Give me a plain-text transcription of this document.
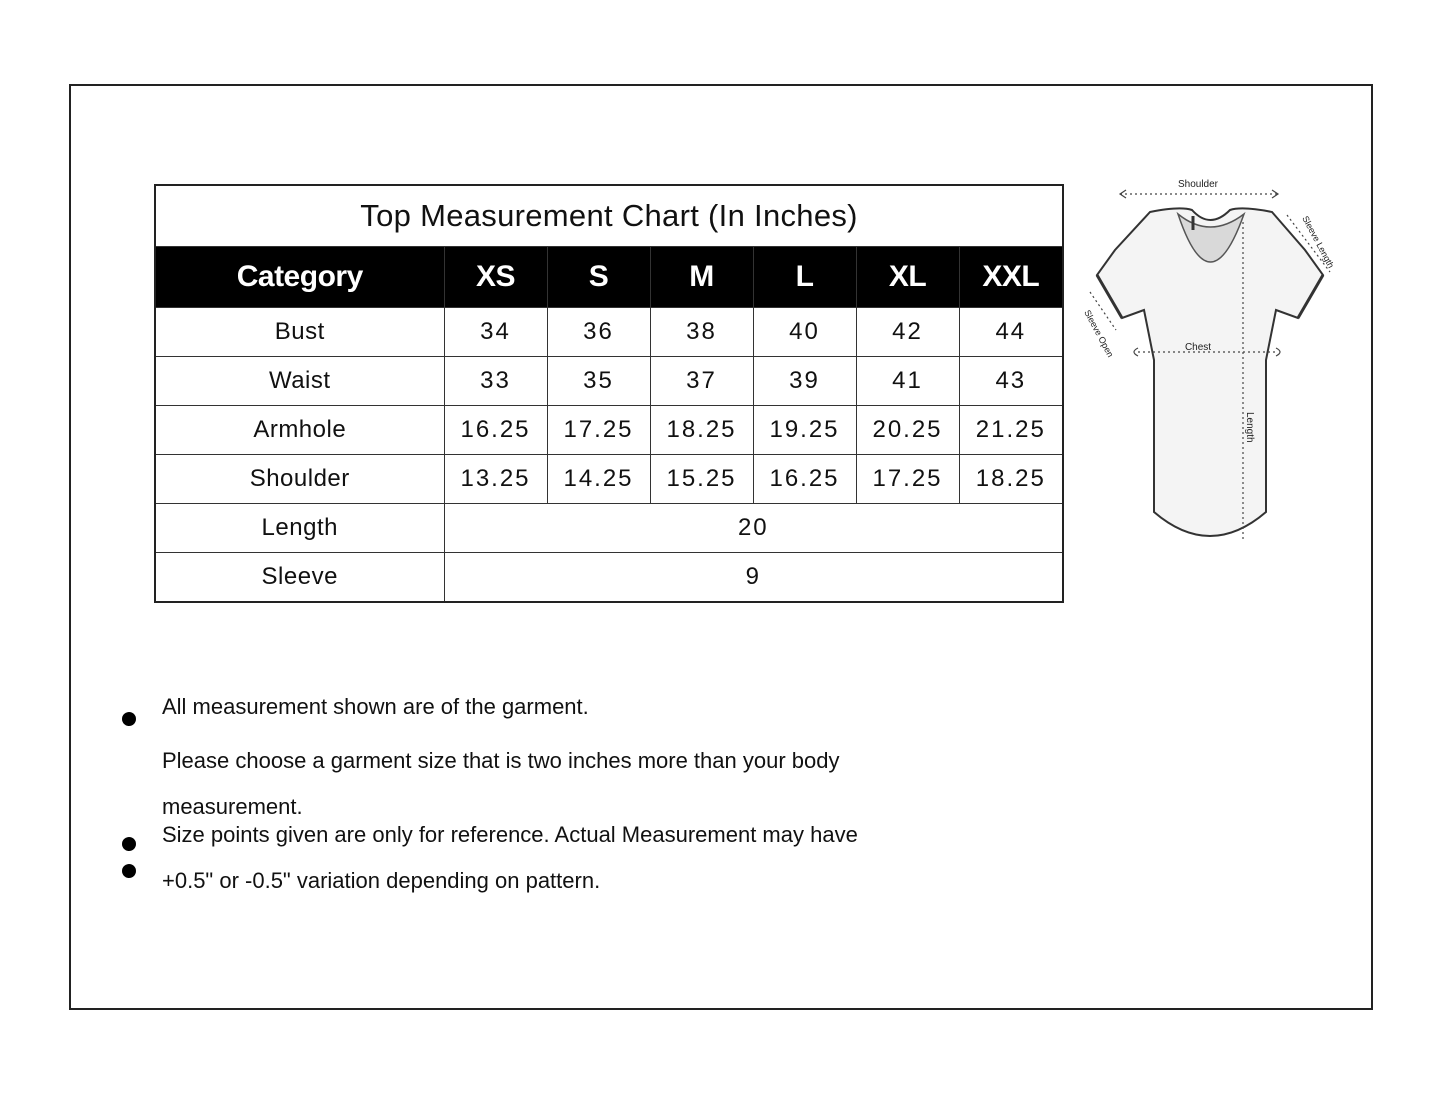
Top Measurement Chart (In Inches)						
Category	XS	S	M	L	XL	XXL
Bust	34	36	38	40	42	44
Waist	33	35	37	39	41	43
Armhole	16.25	17.25	18.25	19.25	20.25	21.25
Shoulder	13.25	14.25	15.25	16.25	17.25	18.25
Length	20					
Sleeve	9					
Shoulder
Sleeve Length
Sleeve Open	Chest
Length

All measurement shown are of the garment.

Please choose a garment size that is two inches more than your body

measurement.

Size points given are only for reference. Actual Measurement may have

+0.5" or -0.5" variation depending on pattern.
